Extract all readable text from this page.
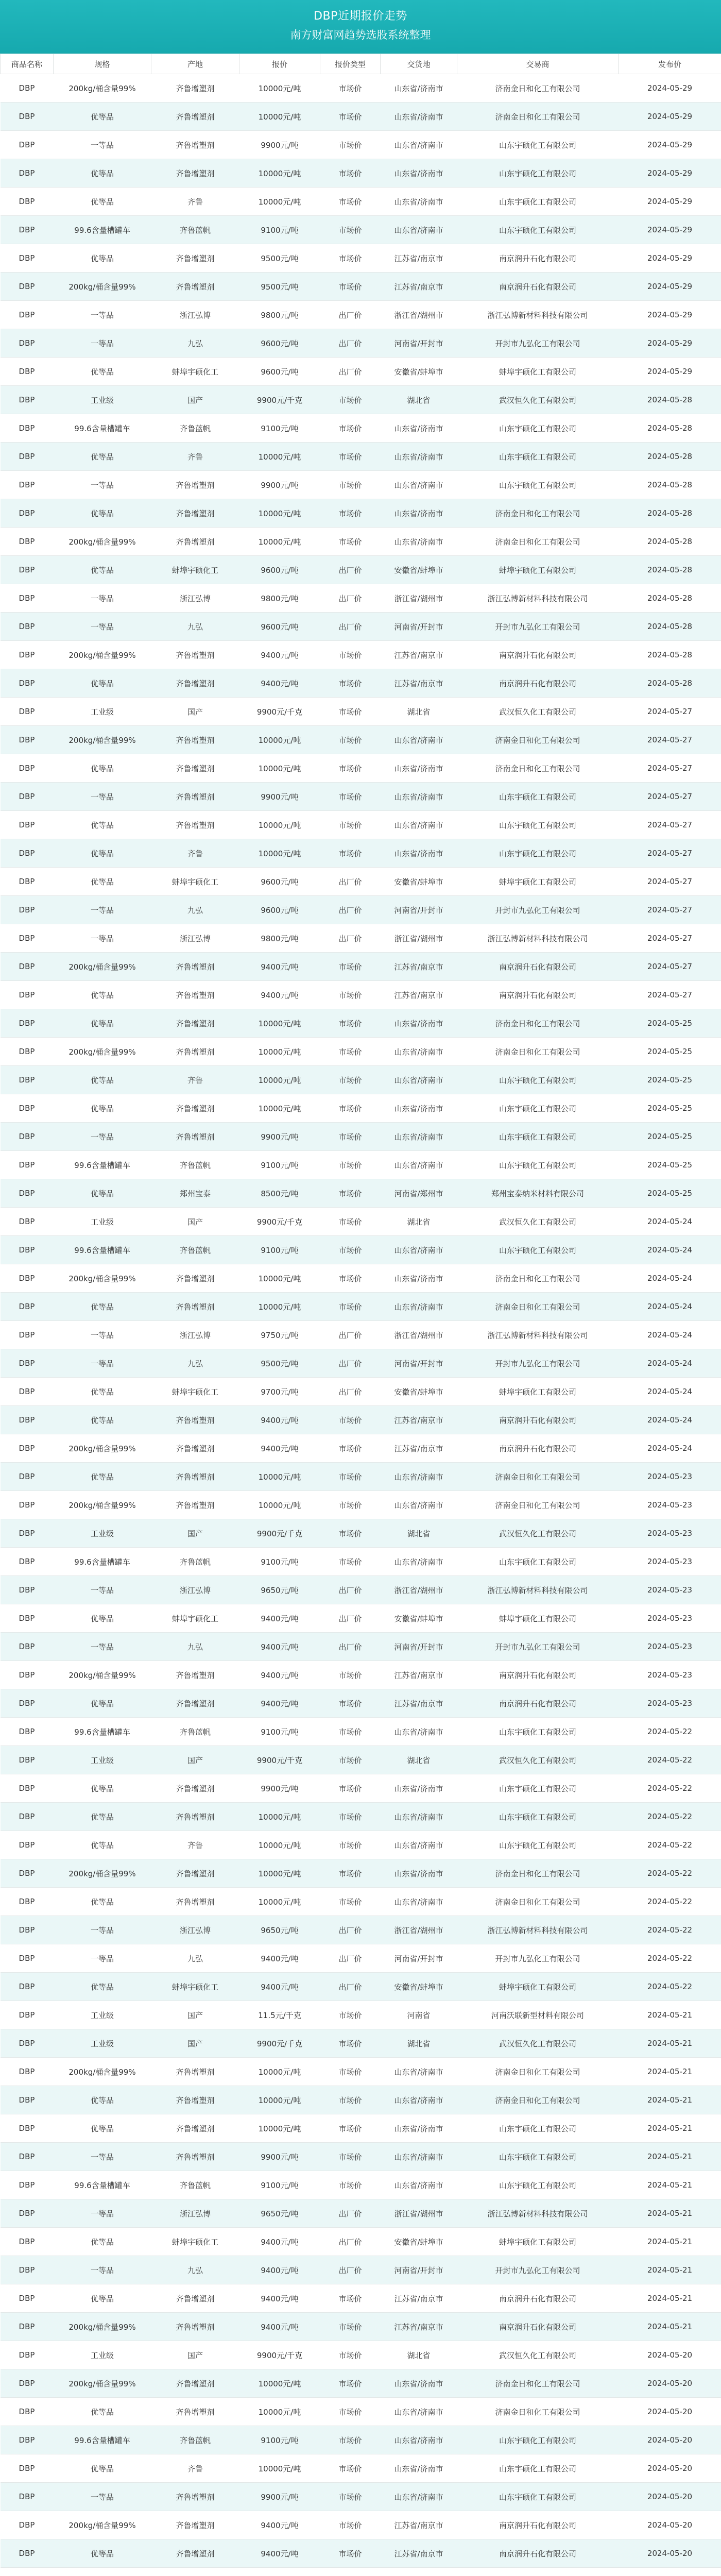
DBP近期报价走势
南方财富网趋势选股系统整理
商品名称	规格	产地	报价	报价类型	交货地	交易商	发布价
DBP	200kg/桶含量99%	齐鲁增塑剂	10000元/吨	市场价	山东省/济南市	济南金日和化工有限公司	2024-05-29
DBP	优等品	齐鲁增塑剂	10000元/吨	市场价	山东省/济南市	济南金日和化工有限公司	2024-05-29
DBP	一等品	齐鲁增塑剂	9900元/吨	市场价	山东省/济南市	山东宇硕化工有限公司	2024-05-29
DBP	优等品	齐鲁增塑剂	10000元/吨	市场价	山东省/济南市	山东宇硕化工有限公司	2024-05-29
DBP	优等品	齐鲁	10000元/吨	市场价	山东省/济南市	山东宇硕化工有限公司	2024-05-29
DBP	99.6含量槽罐车	齐鲁蓝帆	9100元/吨	市场价	山东省/济南市	山东宇硕化工有限公司	2024-05-29
DBP	优等品	齐鲁增塑剂	9500元/吨	市场价	江苏省/南京市	南京润升石化有限公司	2024-05-29
DBP	200kg/桶含量99%	齐鲁增塑剂	9500元/吨	市场价	江苏省/南京市	南京润升石化有限公司	2024-05-29
DBP	一等品	浙江弘博	9800元/吨	出厂价	浙江省/湖州市	浙江弘博新材料科技有限公司	2024-05-29
DBP	一等品	九弘	9600元/吨	出厂价	河南省/开封市	开封市九弘化工有限公司	2024-05-29
DBP	优等品	蚌埠宇硕化工	9600元/吨	出厂价	安徽省/蚌埠市	蚌埠宇硕化工有限公司	2024-05-29
DBP	工业级	国产	9900元/千克	市场价	湖北省	武汉恒久化工有限公司	2024-05-28
DBP	99.6含量槽罐车	齐鲁蓝帆	9100元/吨	市场价	山东省/济南市	山东宇硕化工有限公司	2024-05-28
DBP	优等品	齐鲁	10000元/吨	市场价	山东省/济南市	山东宇硕化工有限公司	2024-05-28
DBP	一等品	齐鲁增塑剂	9900元/吨	市场价	山东省/济南市	山东宇硕化工有限公司	2024-05-28
DBP	优等品	齐鲁增塑剂	10000元/吨	市场价	山东省/济南市	济南金日和化工有限公司	2024-05-28
DBP	200kg/桶含量99%	齐鲁增塑剂	10000元/吨	市场价	山东省/济南市	济南金日和化工有限公司	2024-05-28
DBP	优等品	蚌埠宇硕化工	9600元/吨	出厂价	安徽省/蚌埠市	蚌埠宇硕化工有限公司	2024-05-28
DBP	一等品	浙江弘博	9800元/吨	出厂价	浙江省/湖州市	浙江弘博新材料科技有限公司	2024-05-28
DBP	一等品	九弘	9600元/吨	出厂价	河南省/开封市	开封市九弘化工有限公司	2024-05-28
DBP	200kg/桶含量99%	齐鲁增塑剂	9400元/吨	市场价	江苏省/南京市	南京润升石化有限公司	2024-05-28
DBP	优等品	齐鲁增塑剂	9400元/吨	市场价	江苏省/南京市	南京润升石化有限公司	2024-05-28
DBP	工业级	国产	9900元/千克	市场价	湖北省	武汉恒久化工有限公司	2024-05-27
DBP	200kg/桶含量99%	齐鲁增塑剂	10000元/吨	市场价	山东省/济南市	济南金日和化工有限公司	2024-05-27
DBP	优等品	齐鲁增塑剂	10000元/吨	市场价	山东省/济南市	济南金日和化工有限公司	2024-05-27
DBP	一等品	齐鲁增塑剂	9900元/吨	市场价	山东省/济南市	山东宇硕化工有限公司	2024-05-27
DBP	优等品	齐鲁增塑剂	10000元/吨	市场价	山东省/济南市	山东宇硕化工有限公司	2024-05-27
DBP	优等品	齐鲁	10000元/吨	市场价	山东省/济南市	山东宇硕化工有限公司	2024-05-27
DBP	优等品	蚌埠宇硕化工	9600元/吨	出厂价	安徽省/蚌埠市	蚌埠宇硕化工有限公司	2024-05-27
DBP	一等品	九弘	9600元/吨	出厂价	河南省/开封市	开封市九弘化工有限公司	2024-05-27
DBP	一等品	浙江弘博	9800元/吨	出厂价	浙江省/湖州市	浙江弘博新材料科技有限公司	2024-05-27
DBP	200kg/桶含量99%	齐鲁增塑剂	9400元/吨	市场价	江苏省/南京市	南京润升石化有限公司	2024-05-27
DBP	优等品	齐鲁增塑剂	9400元/吨	市场价	江苏省/南京市	南京润升石化有限公司	2024-05-27
DBP	优等品	齐鲁增塑剂	10000元/吨	市场价	山东省/济南市	济南金日和化工有限公司	2024-05-25
DBP	200kg/桶含量99%	齐鲁增塑剂	10000元/吨	市场价	山东省/济南市	济南金日和化工有限公司	2024-05-25
DBP	优等品	齐鲁	10000元/吨	市场价	山东省/济南市	山东宇硕化工有限公司	2024-05-25
DBP	优等品	齐鲁增塑剂	10000元/吨	市场价	山东省/济南市	山东宇硕化工有限公司	2024-05-25
DBP	一等品	齐鲁增塑剂	9900元/吨	市场价	山东省/济南市	山东宇硕化工有限公司	2024-05-25
DBP	99.6含量槽罐车	齐鲁蓝帆	9100元/吨	市场价	山东省/济南市	山东宇硕化工有限公司	2024-05-25
DBP	优等品	郑州宝泰	8500元/吨	市场价	河南省/郑州市	郑州宝泰纳米材料有限公司	2024-05-25
DBP	工业级	国产	9900元/千克	市场价	湖北省	武汉恒久化工有限公司	2024-05-24
DBP	99.6含量槽罐车	齐鲁蓝帆	9100元/吨	市场价	山东省/济南市	山东宇硕化工有限公司	2024-05-24
DBP	200kg/桶含量99%	齐鲁增塑剂	10000元/吨	市场价	山东省/济南市	济南金日和化工有限公司	2024-05-24
DBP	优等品	齐鲁增塑剂	10000元/吨	市场价	山东省/济南市	济南金日和化工有限公司	2024-05-24
DBP	一等品	浙江弘博	9750元/吨	出厂价	浙江省/湖州市	浙江弘博新材料科技有限公司	2024-05-24
DBP	一等品	九弘	9500元/吨	出厂价	河南省/开封市	开封市九弘化工有限公司	2024-05-24
DBP	优等品	蚌埠宇硕化工	9700元/吨	出厂价	安徽省/蚌埠市	蚌埠宇硕化工有限公司	2024-05-24
DBP	优等品	齐鲁增塑剂	9400元/吨	市场价	江苏省/南京市	南京润升石化有限公司	2024-05-24
DBP	200kg/桶含量99%	齐鲁增塑剂	9400元/吨	市场价	江苏省/南京市	南京润升石化有限公司	2024-05-24
DBP	优等品	齐鲁增塑剂	10000元/吨	市场价	山东省/济南市	济南金日和化工有限公司	2024-05-23
DBP	200kg/桶含量99%	齐鲁增塑剂	10000元/吨	市场价	山东省/济南市	济南金日和化工有限公司	2024-05-23
DBP	工业级	国产	9900元/千克	市场价	湖北省	武汉恒久化工有限公司	2024-05-23
DBP	99.6含量槽罐车	齐鲁蓝帆	9100元/吨	市场价	山东省/济南市	山东宇硕化工有限公司	2024-05-23
DBP	一等品	浙江弘博	9650元/吨	出厂价	浙江省/湖州市	浙江弘博新材料科技有限公司	2024-05-23
DBP	优等品	蚌埠宇硕化工	9400元/吨	出厂价	安徽省/蚌埠市	蚌埠宇硕化工有限公司	2024-05-23
DBP	一等品	九弘	9400元/吨	出厂价	河南省/开封市	开封市九弘化工有限公司	2024-05-23
DBP	200kg/桶含量99%	齐鲁增塑剂	9400元/吨	市场价	江苏省/南京市	南京润升石化有限公司	2024-05-23
DBP	优等品	齐鲁增塑剂	9400元/吨	市场价	江苏省/南京市	南京润升石化有限公司	2024-05-23
DBP	99.6含量槽罐车	齐鲁蓝帆	9100元/吨	市场价	山东省/济南市	山东宇硕化工有限公司	2024-05-22
DBP	工业级	国产	9900元/千克	市场价	湖北省	武汉恒久化工有限公司	2024-05-22
DBP	优等品	齐鲁增塑剂	9900元/吨	市场价	山东省/济南市	山东宇硕化工有限公司	2024-05-22
DBP	优等品	齐鲁增塑剂	10000元/吨	市场价	山东省/济南市	山东宇硕化工有限公司	2024-05-22
DBP	优等品	齐鲁	10000元/吨	市场价	山东省/济南市	山东宇硕化工有限公司	2024-05-22
DBP	200kg/桶含量99%	齐鲁增塑剂	10000元/吨	市场价	山东省/济南市	济南金日和化工有限公司	2024-05-22
DBP	优等品	齐鲁增塑剂	10000元/吨	市场价	山东省/济南市	济南金日和化工有限公司	2024-05-22
DBP	一等品	浙江弘博	9650元/吨	出厂价	浙江省/湖州市	浙江弘博新材料科技有限公司	2024-05-22
DBP	一等品	九弘	9400元/吨	出厂价	河南省/开封市	开封市九弘化工有限公司	2024-05-22
DBP	优等品	蚌埠宇硕化工	9400元/吨	出厂价	安徽省/蚌埠市	蚌埠宇硕化工有限公司	2024-05-22
DBP	工业级	国产	11.5元/千克	市场价	河南省	河南沃联新型材料有限公司	2024-05-21
DBP	工业级	国产	9900元/千克	市场价	湖北省	武汉恒久化工有限公司	2024-05-21
DBP	200kg/桶含量99%	齐鲁增塑剂	10000元/吨	市场价	山东省/济南市	济南金日和化工有限公司	2024-05-21
DBP	优等品	齐鲁增塑剂	10000元/吨	市场价	山东省/济南市	济南金日和化工有限公司	2024-05-21
DBP	优等品	齐鲁增塑剂	10000元/吨	市场价	山东省/济南市	山东宇硕化工有限公司	2024-05-21
DBP	一等品	齐鲁增塑剂	9900元/吨	市场价	山东省/济南市	山东宇硕化工有限公司	2024-05-21
DBP	99.6含量槽罐车	齐鲁蓝帆	9100元/吨	市场价	山东省/济南市	山东宇硕化工有限公司	2024-05-21
DBP	一等品	浙江弘博	9650元/吨	出厂价	浙江省/湖州市	浙江弘博新材料科技有限公司	2024-05-21
DBP	优等品	蚌埠宇硕化工	9400元/吨	出厂价	安徽省/蚌埠市	蚌埠宇硕化工有限公司	2024-05-21
DBP	一等品	九弘	9400元/吨	出厂价	河南省/开封市	开封市九弘化工有限公司	2024-05-21
DBP	优等品	齐鲁增塑剂	9400元/吨	市场价	江苏省/南京市	南京润升石化有限公司	2024-05-21
DBP	200kg/桶含量99%	齐鲁增塑剂	9400元/吨	市场价	江苏省/南京市	南京润升石化有限公司	2024-05-21
DBP	工业级	国产	9900元/千克	市场价	湖北省	武汉恒久化工有限公司	2024-05-20
DBP	200kg/桶含量99%	齐鲁增塑剂	10000元/吨	市场价	山东省/济南市	济南金日和化工有限公司	2024-05-20
DBP	优等品	齐鲁增塑剂	10000元/吨	市场价	山东省/济南市	济南金日和化工有限公司	2024-05-20
DBP	99.6含量槽罐车	齐鲁蓝帆	9100元/吨	市场价	山东省/济南市	山东宇硕化工有限公司	2024-05-20
DBP	优等品	齐鲁	10000元/吨	市场价	山东省/济南市	山东宇硕化工有限公司	2024-05-20
DBP	一等品	齐鲁增塑剂	9900元/吨	市场价	山东省/济南市	山东宇硕化工有限公司	2024-05-20
DBP	200kg/桶含量99%	齐鲁增塑剂	9400元/吨	市场价	江苏省/南京市	南京润升石化有限公司	2024-05-20
DBP	优等品	齐鲁增塑剂	9400元/吨	市场价	江苏省/南京市	南京润升石化有限公司	2024-05-20
